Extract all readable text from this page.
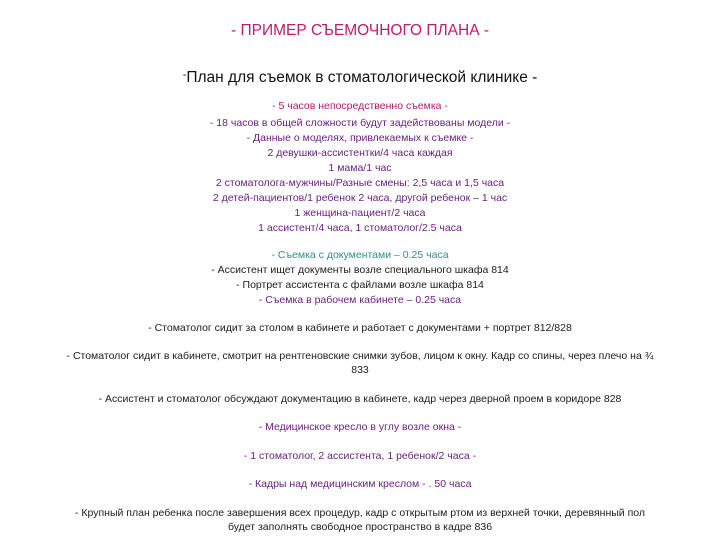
- ПРИМЕР СЪЕМОЧНОГО ПЛАНА -
-План для съемок в стоматологической клинике -
- 5 часов непосредственно съемка -
- 18 часов в общей сложности будут задействованы модели -
- Данные о моделях, привлекаемых к съемке -
2 девушки-ассистентки/4 часа каждая
1 мама/1 час
2 стоматолога-мужчины/Разные смены: 2,5 часа и 1,5 часа
2 детей-пациентов/1 ребенок 2 часа, другой ребенок – 1 час
1 женщина-пациент/2 часа
1 ассистент/4 часа, 1 стоматолог/2.5 часа
- Съемка с документами – 0.25 часа
- Ассистент ищет документы возле специального шкафа 814
- Портрет ассистента с файлами возле шкафа 814
- Съемка в рабочем кабинете – 0.25 часа
- Стоматолог сидит за столом в кабинете и работает с документами + портрет 812/828
- Стоматолог сидит в кабинете, смотрит на рентгеновские снимки зубов, лицом к окну. Кадр со спины, через плечо на ¾
833
- Ассистент и стоматолог обсуждают документацию в кабинете, кадр через дверной проем в коридоре 828
- Медицинское кресло в углу возле окна -
- 1 стоматолог, 2 ассистента, 1 ребенок/2 часа -
- Кадры над медицинским креслом - . 50 часа
- Крупный план ребенка после завершения всех процедур, кадр с открытым ртом из верхней точки, деревянный пол
будет заполнять свободное пространство в кадре 836
